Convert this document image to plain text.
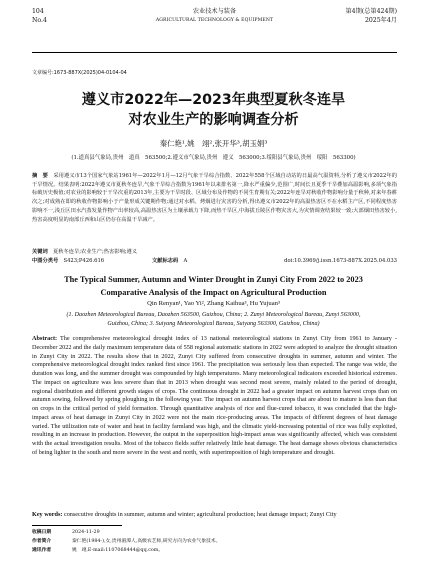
104
No.4
农业技术与装备
AGRICULTURAL TECHNOLOGY & EQUIPMENT
第4期(总第424期)
2025年4月
文章编号:1673-887X(2025)04-0104-04
遵义市2022年—2023年典型夏秋冬连旱
对农业生产的影响调查分析
秦仁艳¹,姚　翊²,张开华³,胡玉娟³
(1.道真县气象局,贵州　道真　563500;2.遵义市气象局,贵州　遵义　563000;3.绥阳县气象局,贵州　绥阳　563300)
摘　要　采用遵义市13个国家气象站1961年—2022年1月—12月气象干旱综合指数、2022年558个区域自动站的日最高气温资料,分析了遵义市2022年的干旱情况。结果表明:2022年遵义市夏秋冬连旱,气象干旱综合指数为1961年以来排名第一,降水严重偏少,范围广,时间长且夏季干旱叠加高温影响,多项气象指标破历史极值;对农业的影响较于干旱次重的2013年,主要为干旱时段、区域分布及作物的不同生育期有关;2022年连旱对秋收作物影响分量于秋种,对来年春耕次之;对成熟在即的秋收作物影响小于产量形成关键期作物;通过对水稻、烤烟进行灾害的分析,得出遵义市2022年的高温热害区不在水稻主产区,不同程度热害影响不一,浅丘区田水汽蒸发量作物产出率较高,高温热害区为土壤承载力下降,而热干旱区,中海拔丘陵区作物灾害大,为灾情调查结果较一致;大部烟田热害较小,热害高度明显的南部丘西和山区仍存在高温干旱减产。
关键词　夏秋冬连旱;农业生产;热害影响;遵义
中图分类号　S423;P426.616	文献标志码　A	doi:10.3969/j.issn.1673-887X.2025.04.033
The Typical Summer, Autumn and Winter Drought in Zunyi City From 2022 to 2023
Comparative Analysis of the Impact on Agricultural Production
Qin Renyan¹, Yao Yi², Zhang Kaihua³, Hu Yujuan³
(1. Daozhen Meteorological Bureau, Daozhen 563500, Guizhou, China; 2. Zunyi Meteorological Bureau, Zunyi 563000,
Guizhou, China; 3. Suiyang Meteorological Bureau, Suiyang 563300, Guizhou, China)
Abstract: The comprehensive meteorological drought index of 13 national meteorological stations in Zunyi City from 1961 to January - December 2022 and the daily maximum temperature data of 558 regional automatic stations in 2022 were adopted to analyze the drought situation in Zunyi City in 2022. The results show that in 2022, Zunyi City suffered from consecutive droughts in summer, autumn and winter. The comprehensive meteorological drought index ranked first since 1961. The precipitation was seriously less than expected. The range was wide, the duration was long, and the summer drought was compounded by high temperatures. Many meteorological indicators exceeded historical extremes. The impact on agriculture was less severe than that in 2013 when drought was second most severe, mainly related to the period of drought, regional distribution and different growth stages of crops. The continuous drought in 2022 had a greater impact on autumn harvest crops than on autumn sowing, followed by spring ploughing in the following year. The impact on autumn harvest crops that are about to mature is less than that on crops in the critical period of yield formation. Through quantitative analysis of rice and flue-cured tobacco, it was concluded that the high-impact areas of heat damage in Zunyi City in 2022 were not the main rice-producing areas. The impacts of different degrees of heat damage varied. The utilization rate of water and heat in facility farmland was high, and the climatic yield-increasing potential of rice was fully exploited, resulting in an increase in production. However, the output in the superposition high-impact areas was significantly affected, which was consistent with the actual investigation results. Most of the tobacco fields suffer relatively little heat damage. The heat damage shows obvious characteristics of being lighter in the south and more severe in the west and north, with superimposition of high temperature and drought.
Key words: consecutive droughts in summer, autumn and winter; agricultural production; heat damage impact; Zunyi City
收稿日期	2024-11-29
作者简介	秦仁艳(1984-),女,贵州湄潭人,高级农艺师,研究方向为农业气象技术。
通讯作者	姚　翊,E-mail:1107068444@qq.com。
